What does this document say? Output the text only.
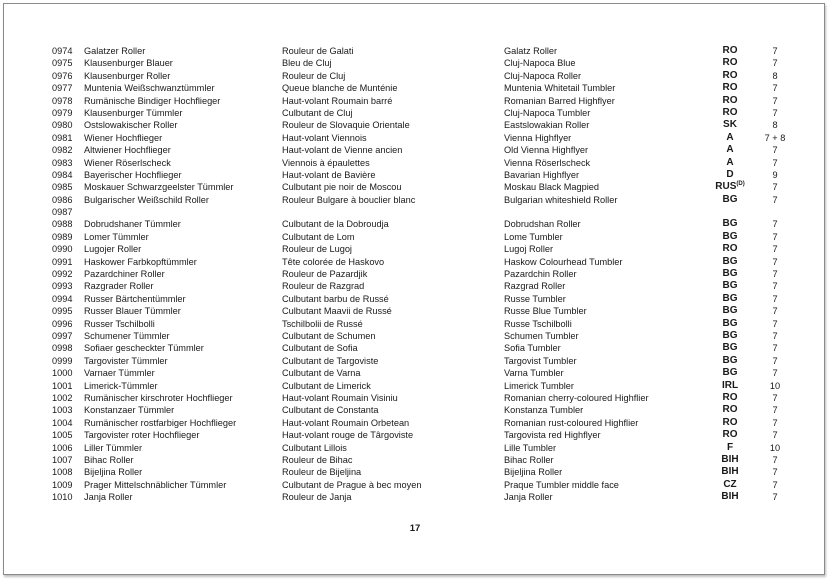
0974	Galatzer Roller	Rouleur de Galati	Galatz Roller	RO	7
0975	Klausenburger Blauer	Bleu de Cluj	Cluj-Napoca Blue	RO	7
0976	Klausenburger Roller	Rouleur de Cluj	Cluj-Napoca Roller	RO	8
0977	Muntenia Weißschwanztümmler	Queue blanche de Munténie	Muntenia Whitetail Tumbler	RO	7
0978	Rumänische Bindiger Hochflieger	Haut-volant Roumain barré	Romanian Barred Highflyer	RO	7
0979	Klausenburger Tümmler	Culbutant de Cluj	Cluj-Napoca Tumbler	RO	7
0980	Ostslowakischer Roller	Rouleur de Slovaquie Orientale	Eastslowakian Roller	SK	8
0981	Wiener Hochflieger	Haut-volant Viennois	Vienna Highflyer	A	7 + 8
0982	Altwiener Hochflieger	Haut-volant de Vienne ancien	Old Vienna Highflyer	A	7
0983	Wiener Röserlscheck	Viennois à épaulettes	Vienna Röserlscheck	A	7
0984	Bayerischer Hochflieger	Haut-volant de Bavière	Bavarian Highflyer	D	9
0985	Moskauer Schwarzgeelster Tümmler	Culbutant pie noir de Moscou	Moskau Black Magpied	$RUS^{(D)}$	7
0986	Bulgarischer Weißschild Roller	Rouleur Bulgare à bouclier blanc	Bulgarian whiteshield Roller	BG	7
0987
0988	Dobrudshaner Tümmler	Culbutant de la Dobroudja	Dobrudshan Roller	BG	7
0989	Lomer Tümmler	Culbutant de Lom	Lome Tumbler	BG	7
0990	Lugojer Roller	Rouleur de Lugoj	Lugoj Roller	RO	7
0991	Haskower Farbkopftümmler	Tête colorée de Haskovo	Haskow Colourhead Tumbler	BG	7
0992	Pazardchiner Roller	Rouleur de Pazardjik	Pazardchin Roller	BG	7
0993	Razgrader Roller	Rouleur de Razgrad	Razgrad Roller	BG	7
0994	Russer Bärtchentümmler	Culbutant barbu de Russé	Russe Tumbler	BG	7
0995	Russer Blauer Tümmler	Culbutant Maavii de Russé	Russe Blue Tumbler	BG	7
0996	Russer Tschilbolli	Tschilbolii de Russé	Russe Tschilbolli	BG	7
0997	Schumener Tümmler	Culbutant de Schumen	Schumen Tumbler	BG	7
0998	Sofiaer gescheckter Tümmler	Culbutant de Sofia	Sofia Tumbler	BG	7
0999	Targovister Tümmler	Culbutant de Targoviste	Targovist Tumbler	BG	7
1000	Varnaer Tümmler	Culbutant de Varna	Varna Tumbler	BG	7
1001	Limerick-Tümmler	Culbutant de Limerick	Limerick Tumbler	IRL	10
1002	Rumänischer kirschroter Hochflieger	Haut-volant Roumain Visiniu	Romanian cherry-coloured Highflier	RO	7
1003	Konstanzaer Tümmler	Culbutant de Constanta	Konstanza Tumbler	RO	7
1004	Rumänischer rostfarbiger Hochflieger	Haut-volant Roumain Orbetean	Romanian rust-coloured Highflier	RO	7
1005	Targovister roter Hochflieger	Haut-volant rouge de Târgoviste	Targovista red Highflyer	RO	7
1006	Liller Tümmler	Culbutant Lillois	Lille Tumbler	F	10
1007	Bihac Roller	Rouleur de Bihac	Bihac Roller	BIH	7
1008	Bijeljina Roller	Rouleur de Bijeljina	Bijeljina Roller	BIH	7
1009	Prager Mittelschnäblicher Tümmler	Culbutant de Prague à bec moyen	Praque Tumbler middle face	CZ	7
1010	Janja Roller	Rouleur de Janja	Janja Roller	BIH	7
17
